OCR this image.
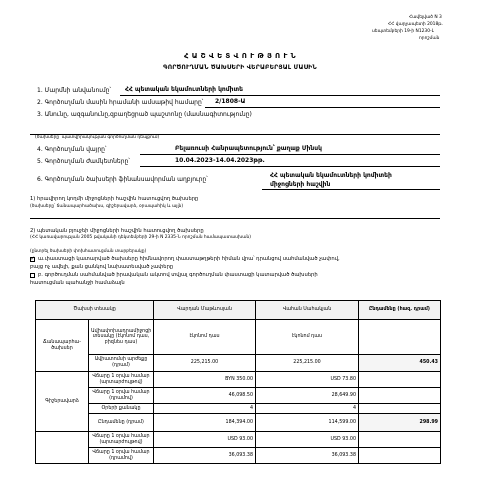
Հավելված N 3
ՀՀ վարչապետի 2018թ.
սեպտեմբերի 19-ի N1230-Լ
որոշման
Հ Ա Շ Վ Ե Տ Վ Ո Ւ Թ Յ Ո Ւ Ն
ԳՈՐԾՈՒՂՄԱՆ ԾԱԽՍԵՐԻ ՎԵՐԱԲԵՐՅԱԼ ՄԱՍԻՆ
1. Մարմնի անվանումը՝ ՀՀ պետական եկամուտների կոմիտե
2. Գործուղման մասին հրամանի ամսաթիվ համարը՝ 2/1808-Ա
3. Անունը, ազգանունը,զբաղեցրած պաշտոնը (մասնագիտությունը)
(ծախսերը՝ պատվիրակության գործուղման դեպքում)
4. Գործուղման վայրը՝	Բելառուսի Հանրապետություն՝ քաղաք Մինսկ
5. Գործուղման ժամկետները՝	10.04.2023-14.04.2023թթ.
6. Գործուղման ծախսերի ֆինանսավորման աղբյուրը՝
ՀՀ պետական եկամուտների կոմիտեի
միջոցների հաշվին
1) հրավիրող կողմի միջոցների հաշվին հատուցվող ծախսերը
(ծախսերը՝ ճանապարհածախս, գիշերավարձ, օրապահիկ և այլն)
2) պետական բյուջեի միջոցների հաշվին հատուցվող ծախսերը
(ՀՀ կառավարության 2005 թվականի դեկտեմբերի 29-ի N 2335-Ն որոշման համապատասխան)
(ընտրել ծախսերի փոխհատուցման տարբերակը)
✓
ա.փաստացի կատարված ծախսերը հիմնավորող փաստաթղթերի հիման վրա՝ դրանցով սահմանված չափով,
բայց ոչ ավելի, քան ցանկով նախատեսված չափերը
բ. գործուղման սահմանված իրավական ակտով տվյալ գործուղման փաստացի կատարված ծախսերի
հատուցման պահանջի համաձայն
Ծախսի տեսակը		Վարդան Մաթևոսյան	Վահան Սահակյան	Ընդամենը (հազ. դրամ)
Ճանապարհա-
ծախսեր	Ավիափոխադրամիջոցի տեսակը (էկոնոմ դաս, բիզնես դաս)	էկոնոմ դաս	էկոնոմ դաս	
	Ավիատոմսի արժեքը (դրամ)	225,215.00	225,215.00	450.43
Գիշերավարձ	Վճարը 1 օրվա համար (արտարժույթով)	BYN 350.00	USD 73.80	
	Վճարը 1 օրվա համար (դրամով)	46,098.50	28,649.90	
	Օրերի քանակը	4	4	
	Ընդամենը (դրամ)	184,394.00	114,599.00	298.99
	Վճարը 1 օրվա համար (արտարժույթով)	USD 93.00	USD 93.00	
	Վճարը 1 օրվա համար (դրամով)	36,093.38	36,093.38	
